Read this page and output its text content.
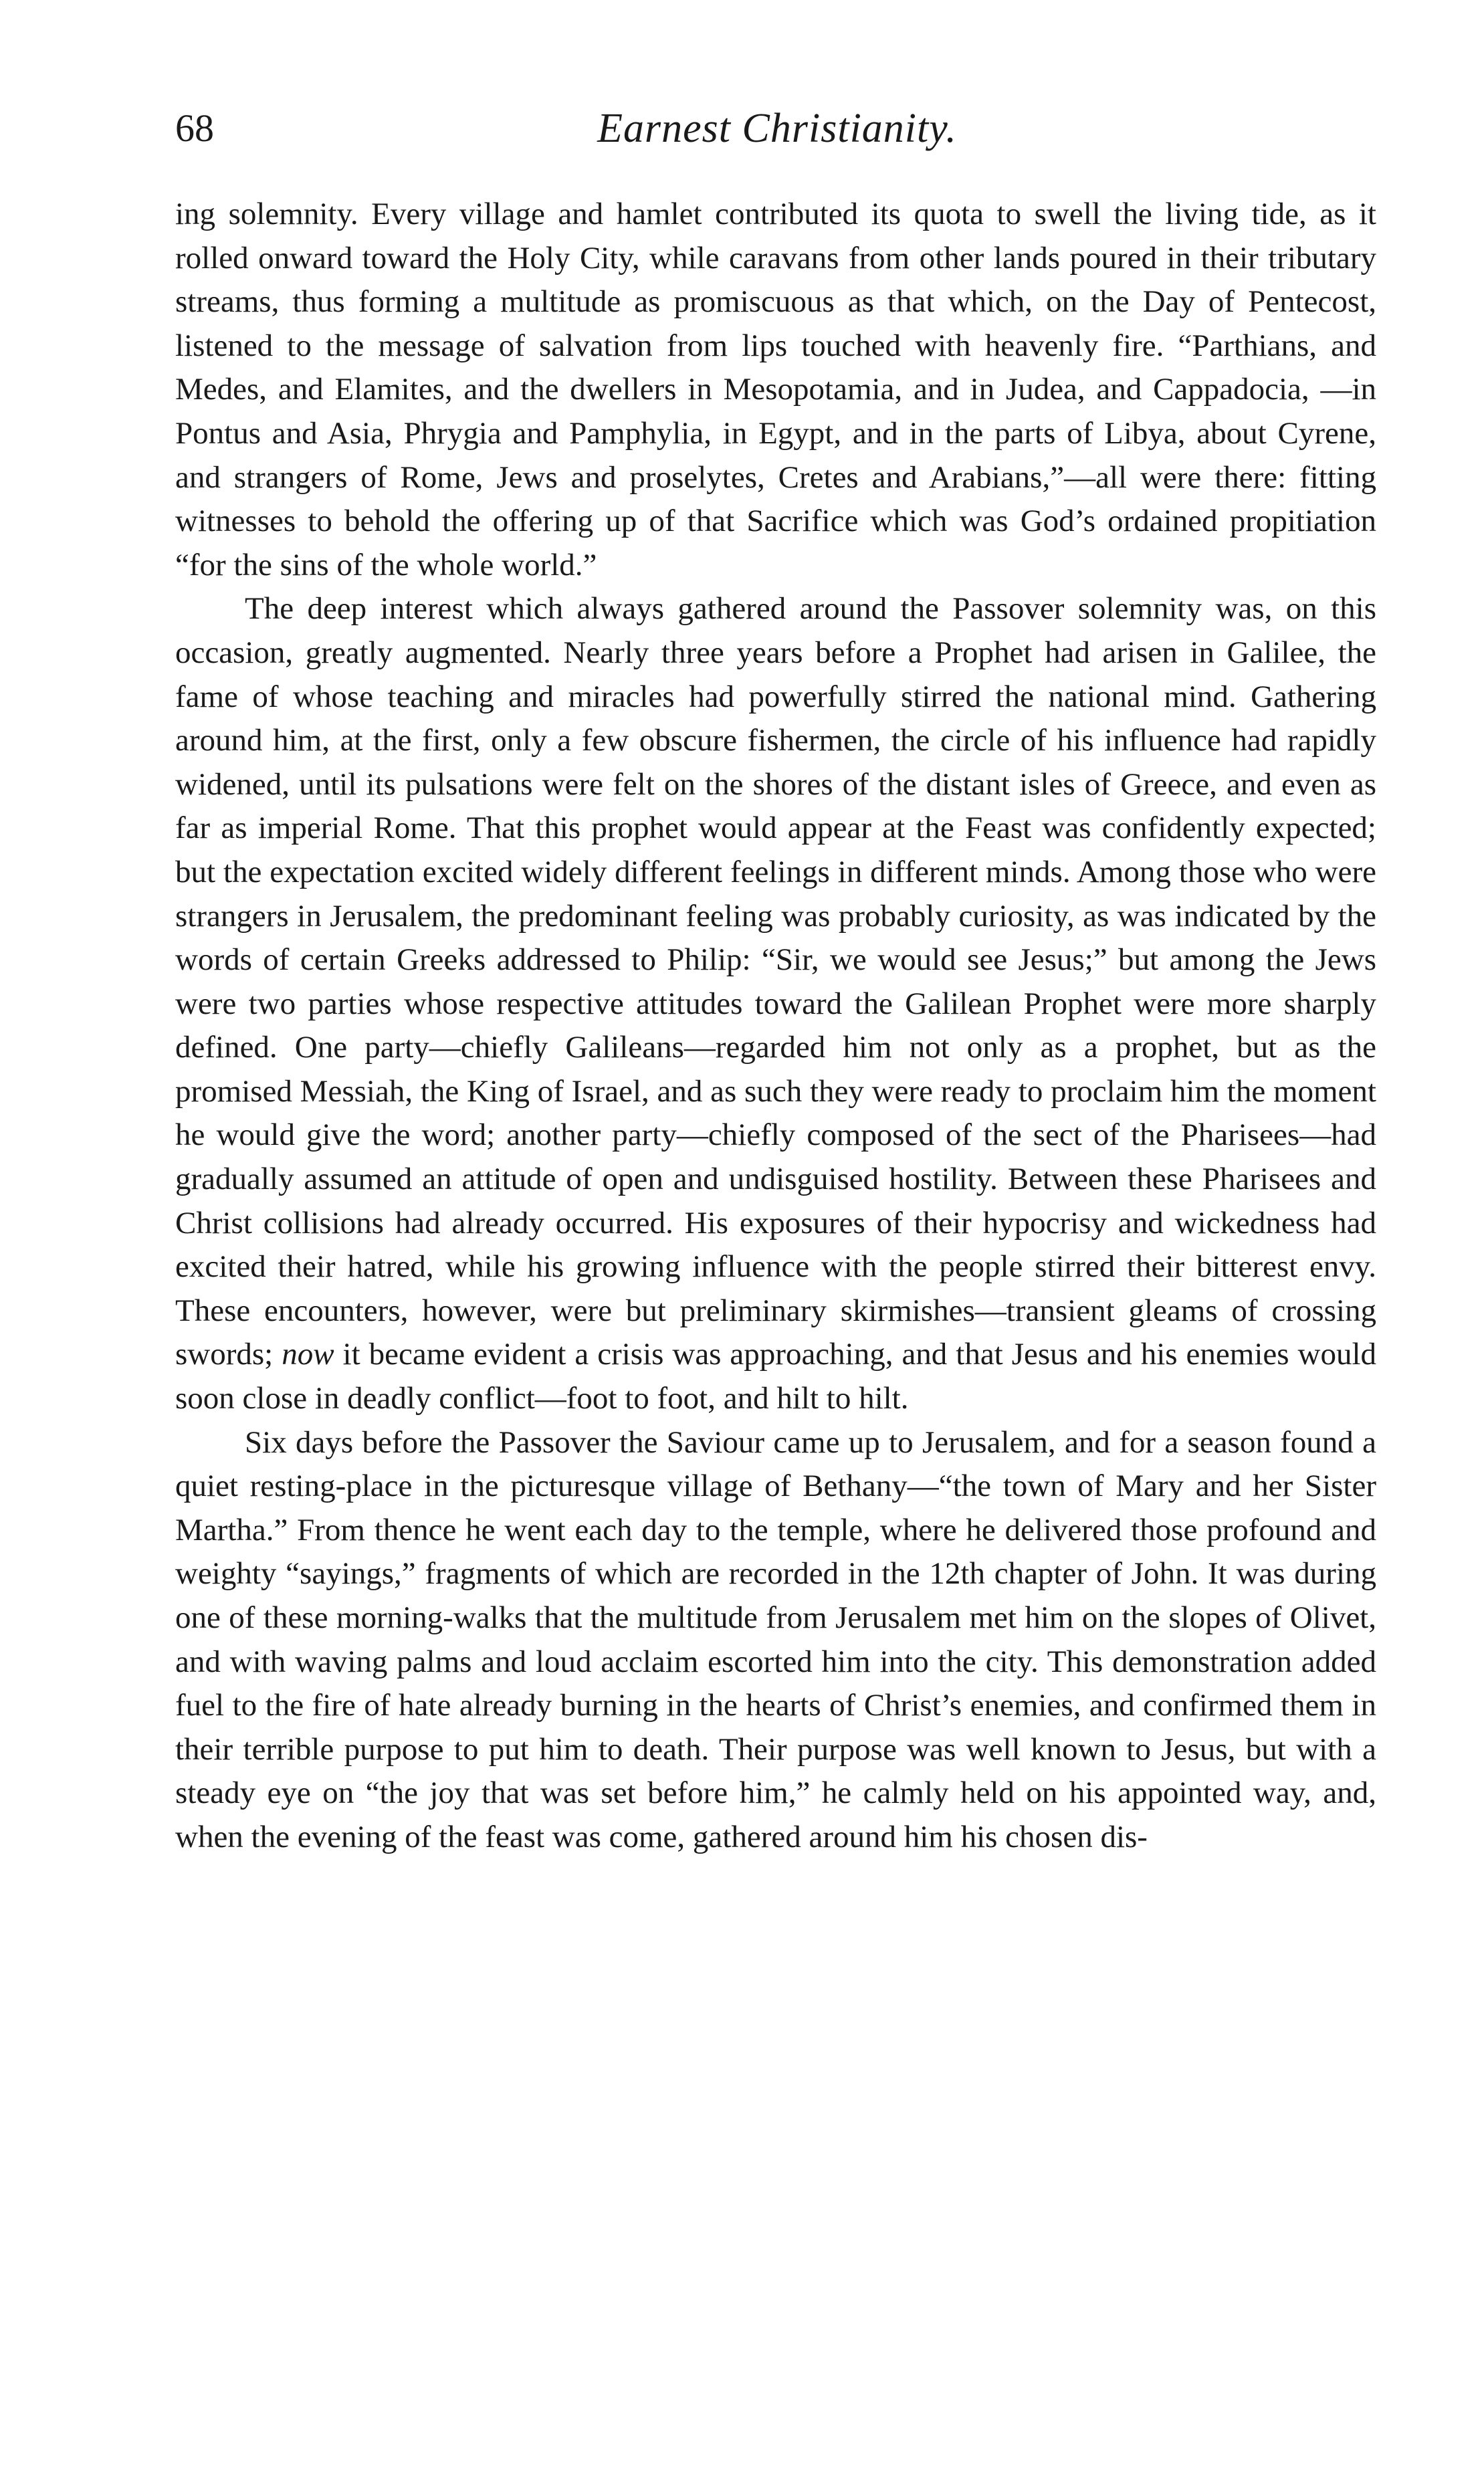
68	Earnest Christianity.

ing solemnity. Every village and hamlet contributed its quota to swell the living tide, as it rolled onward toward the Holy City, while caravans from other lands poured in their tributary streams, thus forming a multitude as promiscuous as that which, on the Day of Pentecost, listened to the message of salvation from lips touched with heavenly fire. “Parthians, and Medes, and Elamites, and the dwellers in Mesopotamia, and in Judea, and Cappadocia, —in Pontus and Asia, Phrygia and Pamphylia, in Egypt, and in the parts of Libya, about Cyrene, and strangers of Rome, Jews and proselytes, Cretes and Arabians,”—all were there: fitting witnesses to behold the offering up of that Sacrifice which was God’s ordained propitiation “for the sins of the whole world.”

The deep interest which always gathered around the Passover solemnity was, on this occasion, greatly augmented. Nearly three years before a Prophet had arisen in Galilee, the fame of whose teaching and miracles had powerfully stirred the national mind. Gathering around him, at the first, only a few obscure fishermen, the circle of his influence had rapidly widened, until its pulsations were felt on the shores of the distant isles of Greece, and even as far as imperial Rome. That this prophet would appear at the Feast was confidently expected; but the expectation excited widely different feelings in different minds. Among those who were strangers in Jerusalem, the predominant feeling was probably curiosity, as was indicated by the words of certain Greeks addressed to Philip: “Sir, we would see Jesus;” but among the Jews were two parties whose respective attitudes toward the Galilean Prophet were more sharply defined. One party—chiefly Galileans—regarded him not only as a prophet, but as the promised Messiah, the King of Israel, and as such they were ready to proclaim him the moment he would give the word; another party—chiefly composed of the sect of the Pharisees—had gradually assumed an attitude of open and undisguised hostility. Between these Pharisees and Christ collisions had already occurred. His exposures of their hypocrisy and wickedness had excited their hatred, while his growing influence with the people stirred their bitterest envy. These encounters, however, were but preliminary skirmishes—transient gleams of crossing swords; now it became evident a crisis was approaching, and that Jesus and his enemies would soon close in deadly conflict—foot to foot, and hilt to hilt.

Six days before the Passover the Saviour came up to Jerusalem, and for a season found a quiet resting-place in the picturesque village of Bethany—“the town of Mary and her Sister Martha.” From thence he went each day to the temple, where he delivered those profound and weighty “sayings,” fragments of which are recorded in the 12th chapter of John. It was during one of these morning-walks that the multitude from Jerusalem met him on the slopes of Olivet, and with waving palms and loud acclaim escorted him into the city. This demonstration added fuel to the fire of hate already burning in the hearts of Christ’s enemies, and confirmed them in their terrible purpose to put him to death. Their purpose was well known to Jesus, but with a steady eye on “the joy that was set before him,” he calmly held on his appointed way, and, when the evening of the feast was come, gathered around him his chosen dis-
